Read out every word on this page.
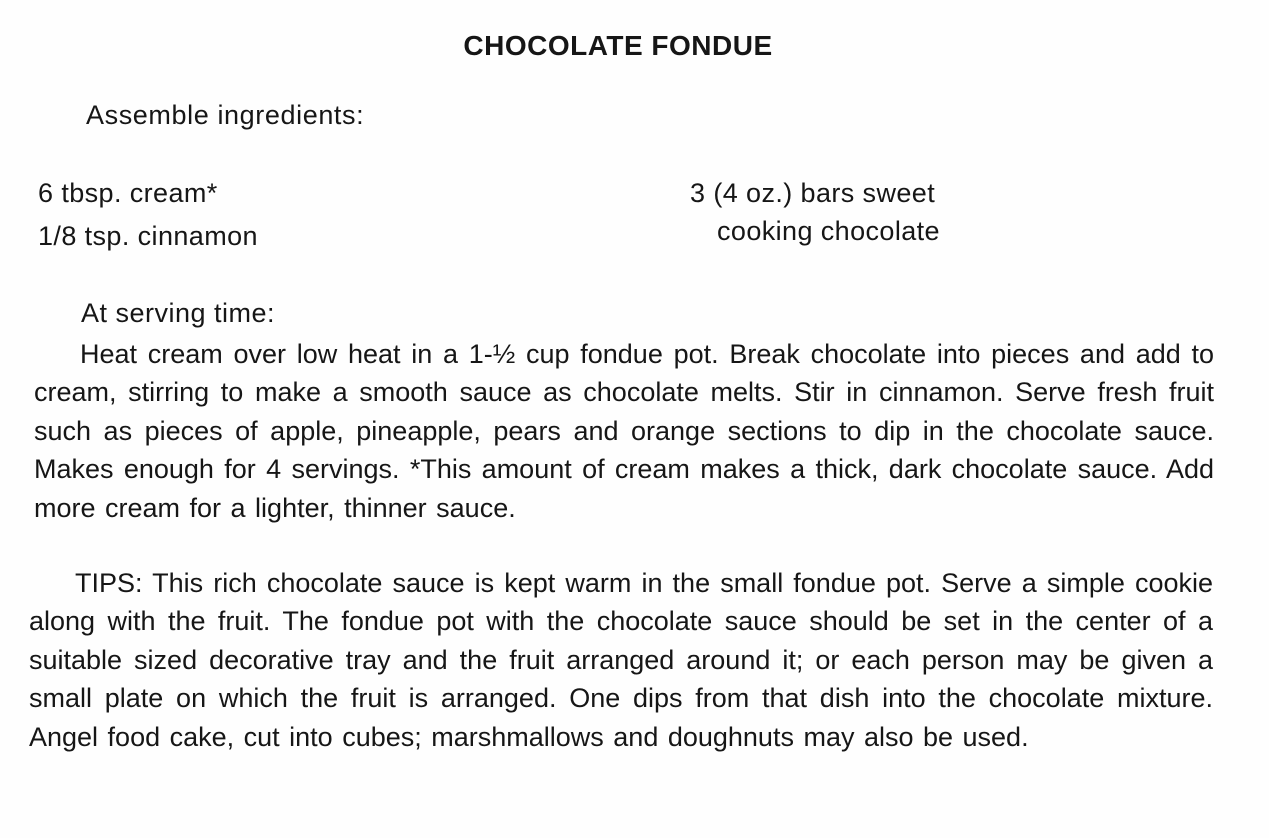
CHOCOLATE FONDUE
Assemble ingredients:
6 tbsp. cream*
1/8 tsp. cinnamon
3 (4 oz.) bars sweet
cooking chocolate
At serving time:
Heat cream over low heat in a 1-½ cup fondue pot. Break chocolate into pieces and add to cream, stirring to make a smooth sauce as chocolate melts. Stir in cinnamon. Serve fresh fruit such as pieces of apple, pineapple, pears and orange sections to dip in the chocolate sauce. Makes enough for 4 servings. *This amount of cream makes a thick, dark chocolate sauce. Add more cream for a lighter, thinner sauce.
TIPS: This rich chocolate sauce is kept warm in the small fondue pot. Serve a simple cookie along with the fruit. The fondue pot with the chocolate sauce should be set in the center of a suitable sized decorative tray and the fruit arranged around it; or each person may be given a small plate on which the fruit is arranged. One dips from that dish into the chocolate mixture. Angel food cake, cut into cubes; marshmallows and doughnuts may also be used.
